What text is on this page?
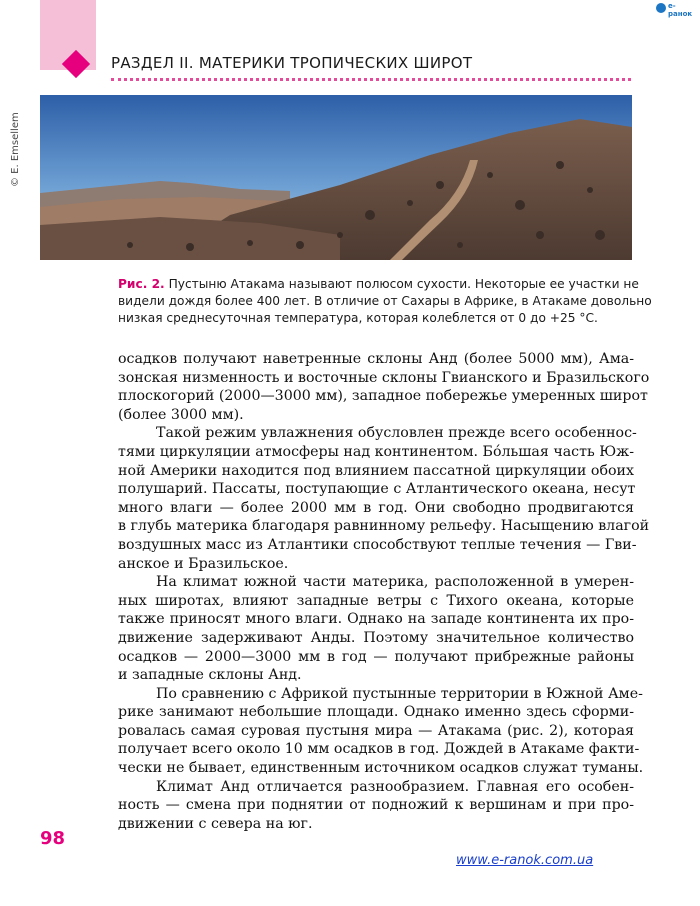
РАЗДЕЛ II. МАТЕРИКИ ТРОПИЧЕСКИХ ШИРОТ
e-ранок
© E. Emsellem
Рис. 2. Пустыню Атакама называют полюсом сухости. Некоторые ее участки не
видели дождя более 400 лет. В отличие от Сахары в Африке, в Атакаме довольно
низкая среднесуточная температура, которая колеблется от 0 до +25 °С.
осадков получают наветренные склоны Анд (более 5000 мм), Ама-
зонская низменность и восточные склоны Гвианского и Бразильского
плоскогорий (2000—3000 мм), западное побережье умеренных широт
(более 3000 мм).
Такой режим увлажнения обусловлен прежде всего особеннос-
тями циркуляции атмосферы над континентом. Бóльшая часть Юж-
ной Америки находится под влиянием пассатной циркуляции обоих
полушарий. Пассаты, поступающие с Атлантического океана, несут
много влаги — более 2000 мм в год. Они свободно продвигаются
в глубь материка благодаря равнинному рельефу. Насыщению влагой
воздушных масс из Атлантики способствуют теплые течения — Гви-
анское и Бразильское.
На климат южной части материка, расположенной в умерен-
ных широтах, влияют западные ветры с Тихого океана, которые
также приносят много влаги. Однако на западе континента их про-
движение задерживают Анды. Поэтому значительное количество
осадков — 2000—3000 мм в год — получают прибрежные районы
и западные склоны Анд.
По сравнению с Африкой пустынные территории в Южной Аме-
рике занимают небольшие площади. Однако именно здесь сформи-
ровалась самая суровая пустыня мира — Атакама (рис. 2), которая
получает всего около 10 мм осадков в год. Дождей в Атакаме факти-
чески не бывает, единственным источником осадков служат туманы.
Климат Анд отличается разнообразием. Главная его особен-
ность — смена при поднятии от подножий к вершинам и при про-
движении с севера на юг.
98
www.e-ranok.com.ua
